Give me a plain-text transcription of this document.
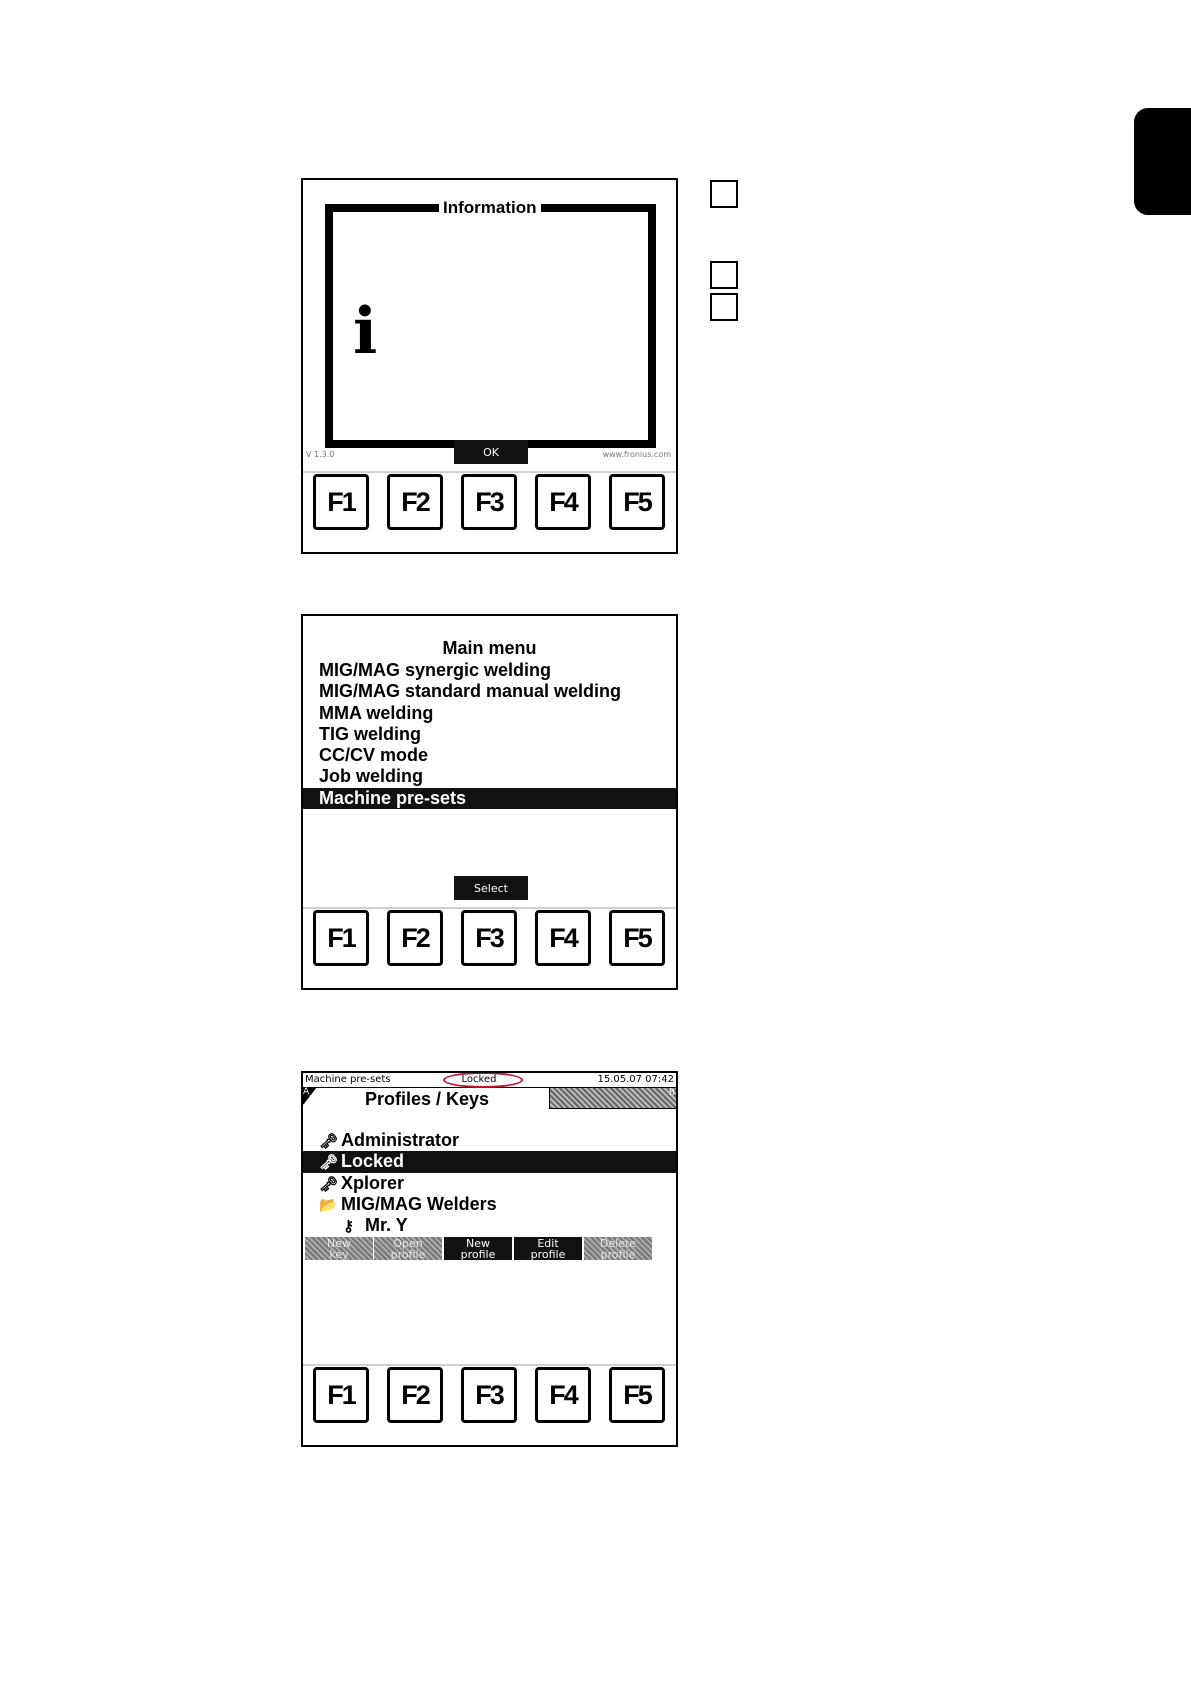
Information
i
V 1.3.0	www.fronius.com
OK
F1	F2	F3	F4	F5
Main menu
MIG/MAG synergic welding
MIG/MAG standard manual welding
MMA welding
TIG welding
CC/CV mode
Job welding
Machine pre-sets
Select
F1	F2	F3	F4	F5
Machine pre-sets	Locked	15.05.07 07:42
A	Profiles / Keys	B
🗝 Administrator
🗝 Locked
🗝 Xplorer
📂 MIG/MAG Welders
⚷ Mr. Y
New
key
Open
profile
New
profile
Edit
profile
Delete
profile
F1	F2	F3	F4	F5
